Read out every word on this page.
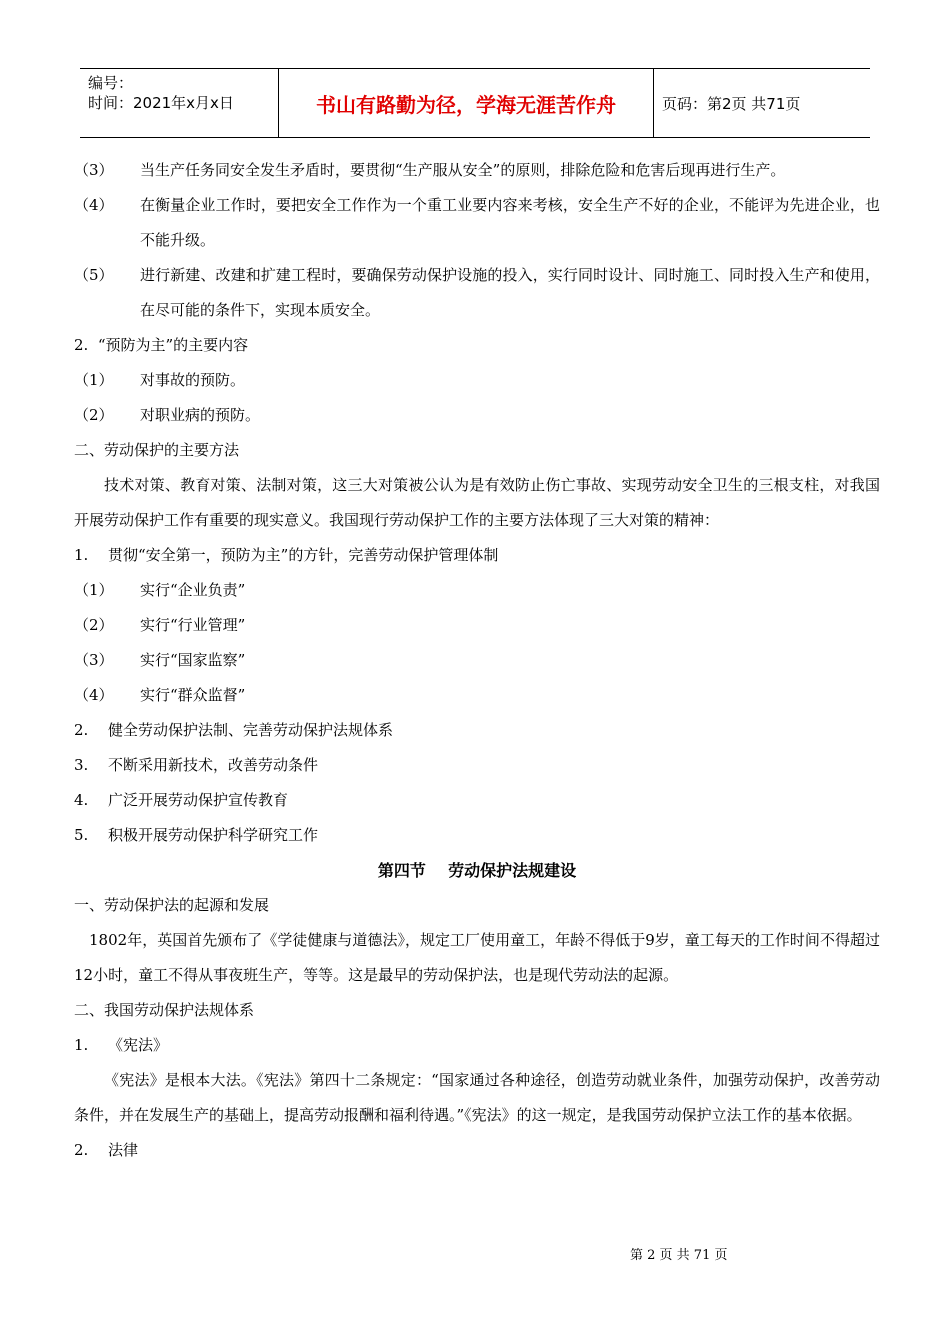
编号：
时间：2021年x月x日	书山有路勤为径，学海无涯苦作舟	页码：第2页 共71页
（3）	当生产任务同安全发生矛盾时，要贯彻“生产服从安全”的原则，排除危险和危害后现再进行生产。
（4）	在衡量企业工作时，要把安全工作作为一个重工业要内容来考核，安全生产不好的企业，不能评为先进企业，也不能升级。
（5）	进行新建、改建和扩建工程时，要确保劳动保护设施的投入，实行同时设计、同时施工、同时投入生产和使用，在尽可能的条件下，实现本质安全。

2.  “预防为主”的主要内容

（1）	对事故的预防。
（2）	对职业病的预防。

二、劳动保护的主要方法

技术对策、教育对策、法制对策，这三大对策被公认为是有效防止伤亡事故、实现劳动安全卫生的三根支柱，对我国开展劳动保护工作有重要的现实意义。我国现行劳动保护工作的主要方法体现了三大对策的精神：

1.	贯彻“安全第一，预防为主”的方针，完善劳动保护管理体制
（1）	实行“企业负责”
（2）	实行“行业管理”
（3）	实行“国家监察”
（4）	实行“群众监督”
2.	健全劳动保护法制、完善劳动保护法规体系
3.	不断采用新技术，改善劳动条件
4.	广泛开展劳动保护宣传教育
5.	积极开展劳动保护科学研究工作

第四节    劳动保护法规建设

一、劳动保护法的起源和发展

1802年，英国首先颁布了《学徒健康与道德法》，规定工厂使用童工，年龄不得低于9岁，童工每天的工作时间不得超过12小时，童工不得从事夜班生产，等等。这是最早的劳动保护法，也是现代劳动法的起源。

二、我国劳动保护法规体系

1.	《宪法》

《宪法》是根本大法。《宪法》第四十二条规定：“国家通过各种途径，创造劳动就业条件，加强劳动保护，改善劳动条件，并在发展生产的基础上，提高劳动报酬和福利待遇。”《宪法》的这一规定，是我国劳动保护立法工作的基本依据。

2.	法律
第 2 页 共 71 页
